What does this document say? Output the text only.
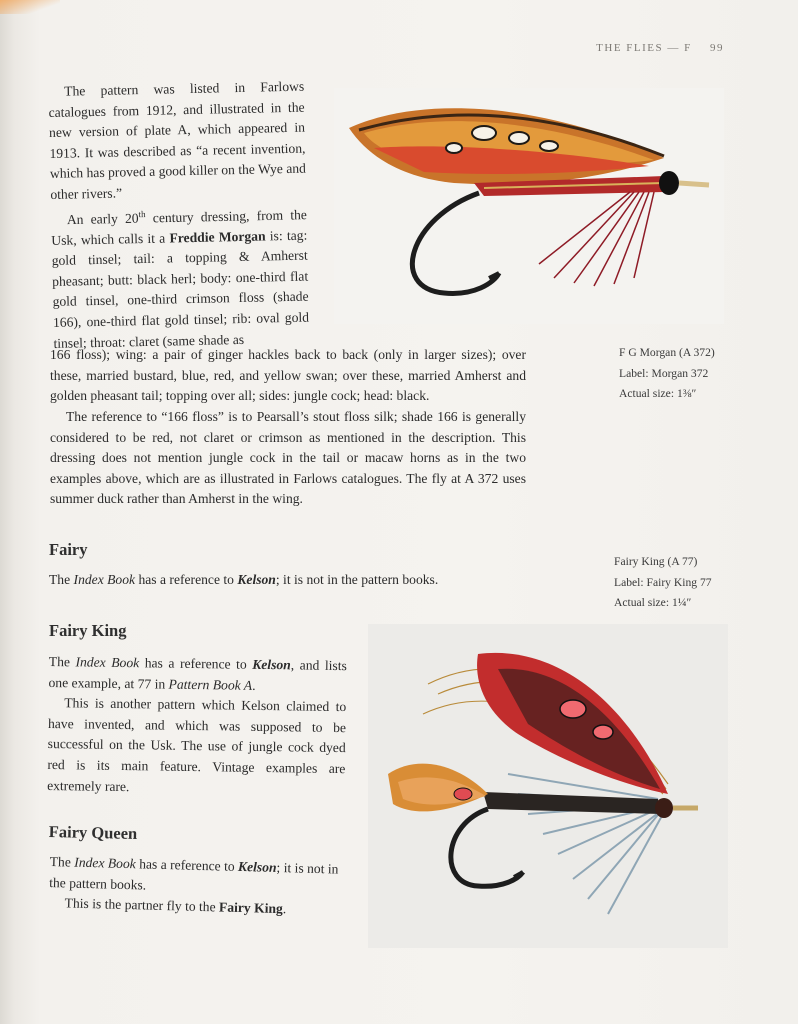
THE FLIES — F 99

The pattern was listed in Farlows catalogues from 1912, and illustrated in the new version of plate A, which appeared in 1913. It was described as “a recent invention, which has proved a good killer on the Wye and other rivers.”
An early 20th century dressing, from the Usk, which calls it a Freddie Morgan is: tag: gold tinsel; tail: a topping & Amherst pheasant; butt: black herl; body: one-third flat gold tinsel, one-third crimson floss (shade 166), one-third flat gold tinsel; rib: oval gold tinsel; throat: claret (same shade as

166 floss); wing: a pair of ginger hackles back to back (only in larger sizes); over these, married bustard, blue, red, and yellow swan; over these, married Amherst and golden pheasant tail; topping over all; sides: jungle cock; head: black.

The reference to “166 floss” is to Pearsall’s stout floss silk; shade 166 is generally considered to be red, not claret or crimson as mentioned in the description. This dressing does not mention jungle cock in the tail or macaw horns as in the two examples above, which are as illustrated in Farlows catalogues. The fly at A 372 uses summer duck rather than Amherst in the wing.

F G Morgan (A 372)
Label: Morgan 372
Actual size: 1⅜″
Fairy

The Index Book has a reference to Kelson; it is not in the pattern books.

Fairy King (A 77)
Label: Fairy King 77
Actual size: 1¼″
Fairy King

The Index Book has a reference to Kelson, and lists one example, at 77 in Pattern Book A.
This is another pattern which Kelson claimed to have invented, and which was supposed to be successful on the Usk. The use of jungle cock dyed red is its main feature. Vintage examples are extremely rare.

Fairy Queen

The Index Book has a reference to Kelson; it is not in the pattern books.
This is the partner fly to the Fairy King.
